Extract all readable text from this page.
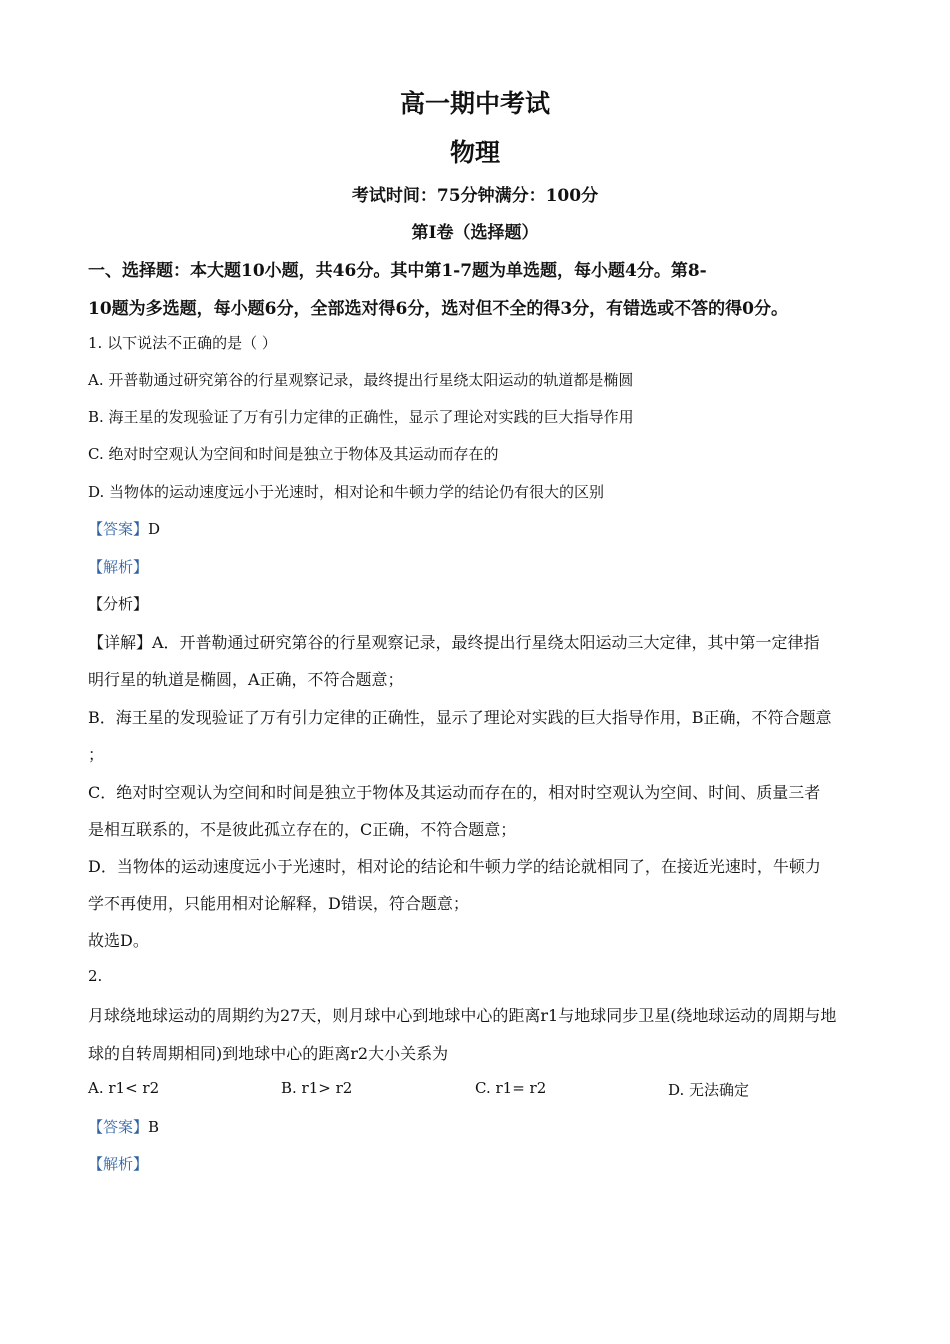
高一期中考试
物理
考试时间：75分钟满分：100分
第I卷（选择题）
一、选择题：本大题10小题，共46分。其中第1-7题为单选题，每小题4分。第8-
10题为多选题，每小题6分，全部选对得6分，选对但不全的得3分，有错选或不答的得0分。
1. 以下说法不正确的是（ ）
A. 开普勒通过研究第谷的行星观察记录，最终提出行星绕太阳运动的轨道都是椭圆
B. 海王星的发现验证了万有引力定律的正确性，显示了理论对实践的巨大指导作用
C. 绝对时空观认为空间和时间是独立于物体及其运动而存在的
D. 当物体的运动速度远小于光速时，相对论和牛顿力学的结论仍有很大的区别
【答案】D
【解析】
【分析】
【详解】A．开普勒通过研究第谷的行星观察记录，最终提出行星绕太阳运动三大定律，其中第一定律指
明行星的轨道是椭圆，A正确，不符合题意；
B．海王星的发现验证了万有引力定律的正确性，显示了理论对实践的巨大指导作用，B正确，不符合题意
；
C．绝对时空观认为空间和时间是独立于物体及其运动而存在的，相对时空观认为空间、时间、质量三者
是相互联系的，不是彼此孤立存在的，C正确，不符合题意；
D．当物体的运动速度远小于光速时，相对论的结论和牛顿力学的结论就相同了，在接近光速时，牛顿力
学不再使用，只能用相对论解释，D错误，符合题意；
故选D。
2.
月球绕地球运动的周期约为27天，则月球中心到地球中心的距离r1与地球同步卫星(绕地球运动的周期与地
球的自转周期相同)到地球中心的距离r2大小关系为
A. r1< r2	B. r1> r2	C. r1= r2	D. 无法确定
【答案】B
【解析】
